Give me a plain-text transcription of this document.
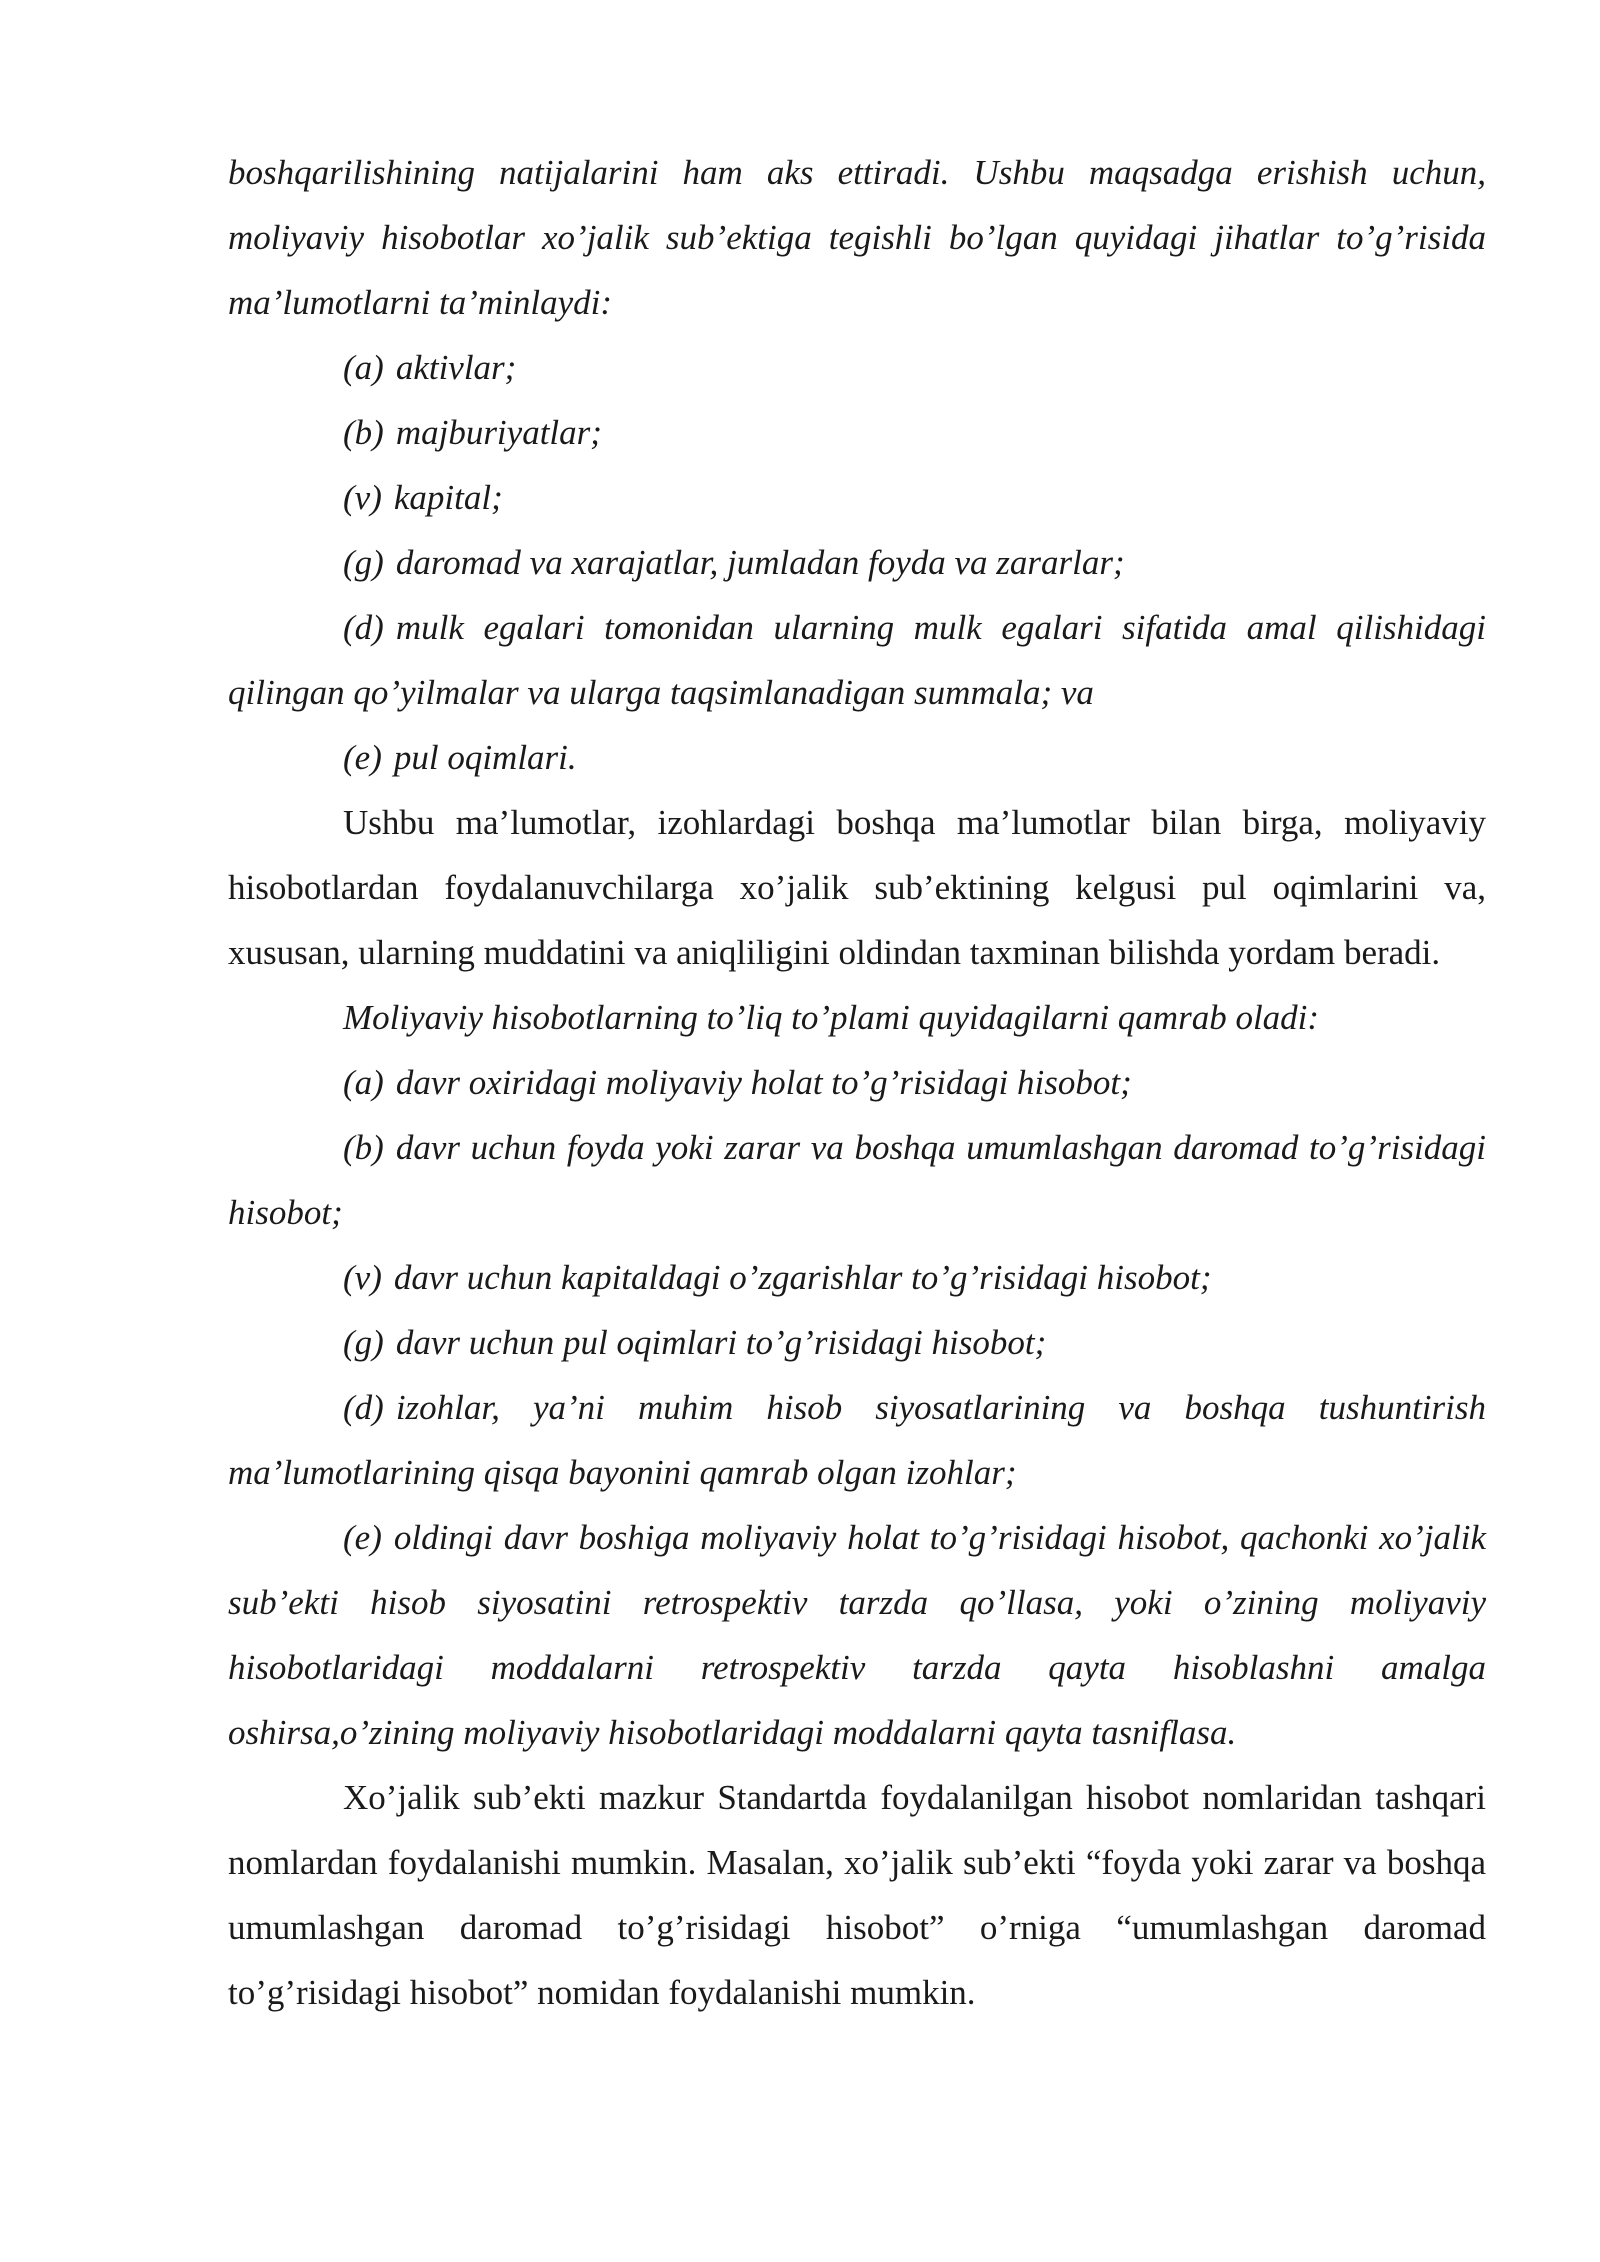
boshqarilishining natijalarini ham aks ettiradi. Ushbu maqsadga erishish uchun, moliyaviy hisobotlar xo’jalik sub’ektiga tegishli bo’lgan quyidagi jihatlar to’g’risida ma’lumotlarni ta’minlaydi:

(a) aktivlar;

(b) majburiyatlar;

(v) kapital;

(g) daromad va xarajatlar, jumladan foyda va zararlar;

(d) mulk egalari tomonidan ularning mulk egalari sifatida amal qilishidagi qilingan qo’yilmalar va ularga taqsimlanadigan summala; va

(e) pul oqimlari.

Ushbu ma’lumotlar, izohlardagi boshqa ma’lumotlar bilan birga, moliyaviy hisobotlardan foydalanuvchilarga xo’jalik sub’ektining kelgusi pul oqimlarini va, xususan, ularning muddatini va aniqliligini oldindan taxminan bilishda yordam beradi.

Moliyaviy hisobotlarning to’liq to’plami quyidagilarni qamrab oladi:

(a) davr oxiridagi moliyaviy holat to’g’risidagi hisobot;

(b) davr uchun foyda yoki zarar va boshqa umumlashgan daromad to’g’risidagi hisobot;

(v) davr uchun kapitaldagi o’zgarishlar to’g’risidagi hisobot;

(g) davr uchun pul oqimlari to’g’risidagi hisobot;

(d) izohlar, ya’ni muhim hisob siyosatlarining va boshqa tushuntirish ma’lumotlarining qisqa bayonini qamrab olgan izohlar;

(e) oldingi davr boshiga moliyaviy holat to’g’risidagi hisobot, qachonki xo’jalik sub’ekti hisob siyosatini retrospektiv tarzda qo’llasa, yoki o’zining moliyaviy hisobotlaridagi moddalarni retrospektiv tarzda qayta hisoblashni amalga oshirsa,o’zining moliyaviy hisobotlaridagi moddalarni qayta tasniflasa.

Xo’jalik sub’ekti mazkur Standartda foydalanilgan hisobot nomlaridan tashqari nomlardan foydalanishi mumkin. Masalan, xo’jalik sub’ekti “foyda yoki zarar va boshqa umumlashgan daromad to’g’risidagi hisobot” o’rniga “umumlashgan daromad to’g’risidagi hisobot” nomidan foydalanishi mumkin.
